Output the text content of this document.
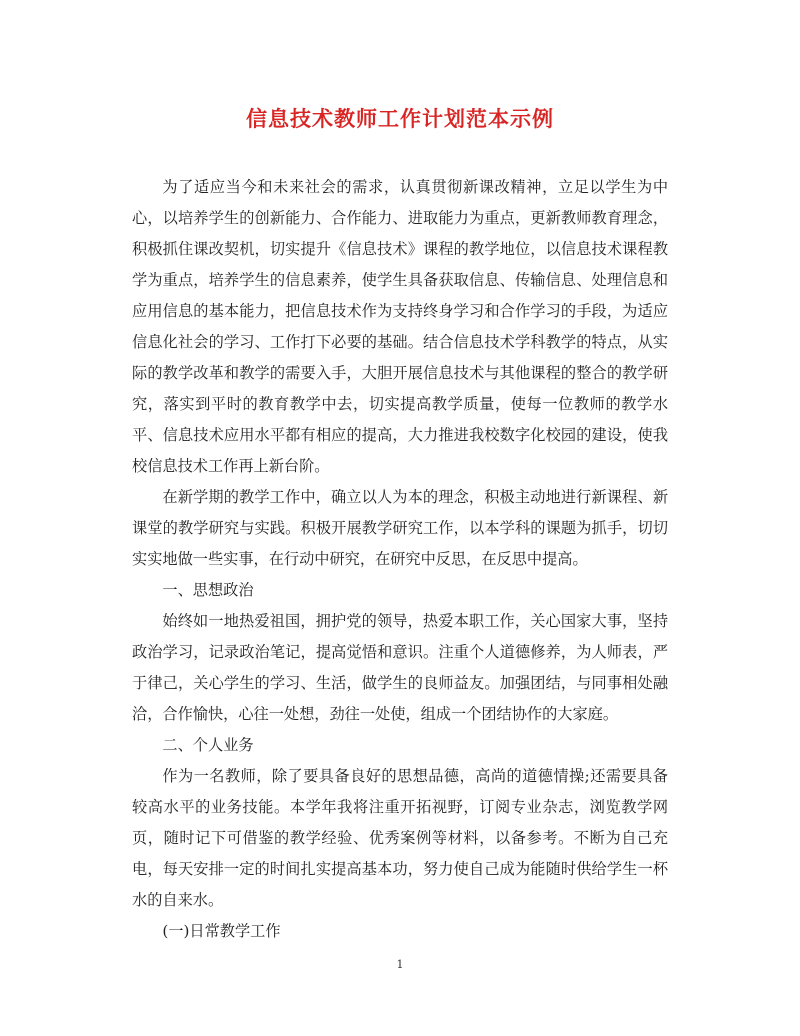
信息技术教师工作计划范本示例

为了适应当今和未来社会的需求，认真贯彻新课改精神，立足以学生为中心，以培养学生的创新能力、合作能力、进取能力为重点，更新教师教育理念，积极抓住课改契机，切实提升《信息技术》课程的教学地位，以信息技术课程教学为重点，培养学生的信息素养，使学生具备获取信息、传输信息、处理信息和应用信息的基本能力，把信息技术作为支持终身学习和合作学习的手段，为适应信息化社会的学习、工作打下必要的基础。结合信息技术学科教学的特点，从实际的教学改革和教学的需要入手，大胆开展信息技术与其他课程的整合的教学研究，落实到平时的教育教学中去，切实提高教学质量，使每一位教师的教学水平、信息技术应用水平都有相应的提高，大力推进我校数字化校园的建设，使我校信息技术工作再上新台阶。

在新学期的教学工作中，确立以人为本的理念，积极主动地进行新课程、新课堂的教学研究与实践。积极开展教学研究工作，以本学科的课题为抓手，切切实实地做一些实事，在行动中研究，在研究中反思，在反思中提高。

一、思想政治

始终如一地热爱祖国，拥护党的领导，热爱本职工作，关心国家大事，坚持政治学习，记录政治笔记，提高觉悟和意识。注重个人道德修养，为人师表，严于律己，关心学生的学习、生活，做学生的良师益友。加强团结，与同事相处融洽，合作愉快，心往一处想，劲往一处使，组成一个团结协作的大家庭。

二、个人业务

作为一名教师，除了要具备良好的思想品德，高尚的道德情操;还需要具备较高水平的业务技能。本学年我将注重开拓视野，订阅专业杂志，浏览教学网页，随时记下可借鉴的教学经验、优秀案例等材料，以备参考。不断为自己充电，每天安排一定的时间扎实提高基本功，努力使自己成为能随时供给学生一杯水的自来水。

(一)日常教学工作

1
